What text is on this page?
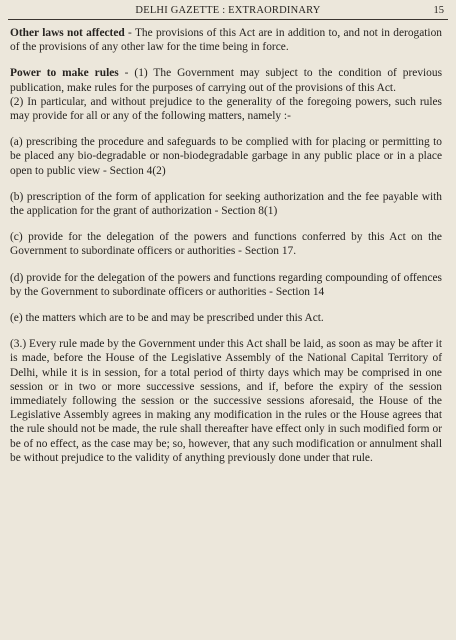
DELHI GAZETTE : EXTRAORDINARY	15

Other laws not affected - The provisions of this Act are in addition to, and not in derogation of the provisions of any other law for the time being in force.

Power to make rules - (1) The Government may subject to the condition of previous publication, make rules for the purposes of carrying out of the provisions of this Act.

(2) In particular, and without prejudice to the generality of the foregoing powers, such rules may provide for all or any of the following matters, namely :-

(a) prescribing the procedure and safeguards to be complied with for placing or permitting to be placed any bio-degradable or non-biodegradable garbage in any public place or in a place open to public view - Section 4(2)

(b) prescription of the form of application for seeking authorization and the fee payable with the application for the grant of authorization - Section 8(1)

(c) provide for the delegation of the powers and functions conferred by this Act on the Government to subordinate officers or authorities - Section 17.

(d) provide for the delegation of the powers and functions regarding compounding of offences by the Government to subordinate officers or authorities - Section 14

(e) the matters which are to be and may be prescribed under this Act.

(3.) Every rule made by the Government under this Act shall be laid, as soon as may be after it is made, before the House of the Legislative Assembly of the National Capital Territory of Delhi, while it is in session, for a total period of thirty days which may be comprised in one session or in two or more successive sessions, and if, before the expiry of the session immediately following the session or the successive sessions aforesaid, the House of the Legislative Assembly agrees in making any modification in the rules or the House agrees that the rule should not be made, the rule shall thereafter have effect only in such modified form or be of no effect, as the case may be; so, however, that any such modification or annulment shall be without prejudice to the validity of anything previously done under that rule.
